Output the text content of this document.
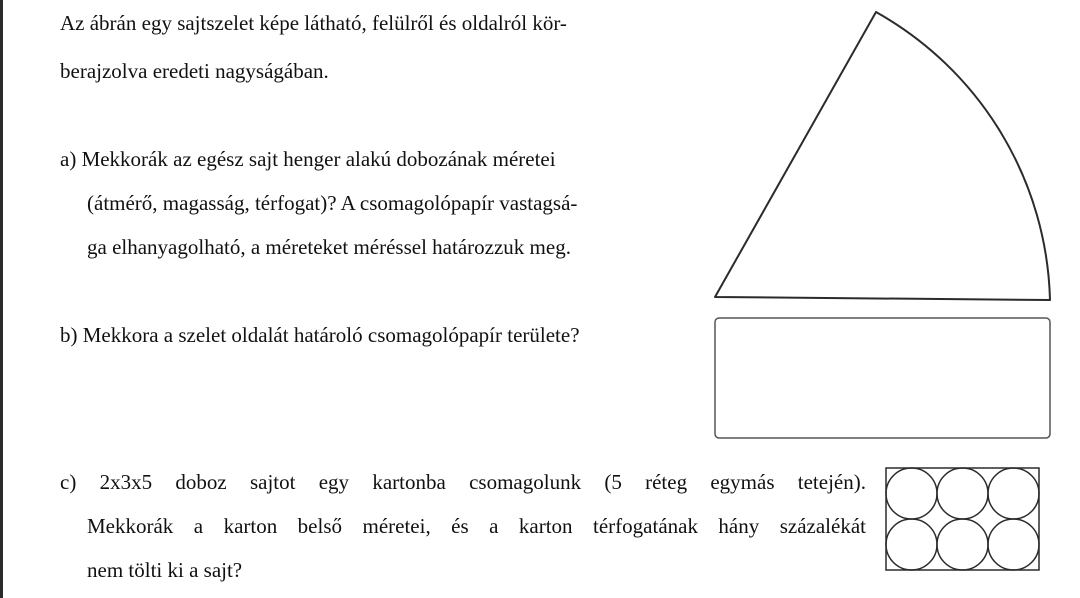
Az ábrán egy sajtszelet képe látható, felülről és oldalról kör-
berajzolva eredeti nagyságában.
a) Mekkorák az egész sajt henger alakú dobozának méretei
(átmérő, magasság, térfogat)? A csomagolópapír vastagsá-
ga elhanyagolható, a méreteket méréssel határozzuk meg.
b) Mekkora a szelet oldalát határoló csomagolópapír területe?
c) 2x3x5 doboz sajtot egy kartonba csomagolunk (5 réteg egymás tetején).
Mekkorák a karton belső méretei, és a karton térfogatának hány százalékát
nem tölti ki a sajt?
